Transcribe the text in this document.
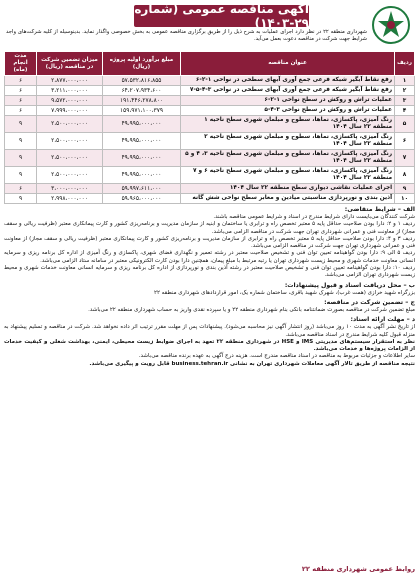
آگهی مناقصه عمومی (شماره ۲۹-۱۴۰۳)
شهرداری منطقه ۲۲ در نظر دارد اجرای عملیات به شرح ذیل را از طریق برگزاری مناقصه عمومی به بخش خصوصی واگذار نماید. بدینوسیله از کلیه شرکت‌های واجد شرایط جهت شرکت در مناقصه دعوت بعمل می‌آید.
ردیف	عنوان مناقصه	مبلغ برآورد اولیه پروژه (ریال)	میزان تضمین شرکت در مناقصه (ریال)	مدت انجام (ماه)
۱	رفع نقاط آبگیر شبکه فرعی جمع آوری آبهای سطحی در نواحی ۱-۲-۶	۵۷،۵۳۲،۸۱۶،۸۵۵	۲،۸۷۷،۰۰۰،۰۰۰	۶
۲	رفع نقاط آبگیر شبکه فرعی جمع آوری آبهای سطحی در نواحی ۳-۴-۵-۷	۶۴،۲۰۷،۹۳۴،۶۰۰	۳،۲۱۱،۰۰۰،۰۰۰	۶
۳	عملیات تراش و روکش در سطح نواحی ۱-۲-۶	۱۹۱،۴۴۶،۲۷۸،۸۰۰	۹،۵۷۲،۰۰۰،۰۰۰	۶
۴	عملیات تراش و روکش در سطح نواحی ۳-۴-۵	۱۵۹،۹۷۱،۱۰۰،۳۷۹	۷،۹۹۹،۰۰۰،۰۰۰	۶
۵	رنگ آمیزی، پاکسازی، نماها، سطوح و مبلمان شهری سطح ناحیه ۱ منطقه ۲۲ سال ۱۴۰۴	۴۹،۹۹۵،۰۰۰،۰۰۰	۲،۵۰۰،۰۰۰،۰۰۰	۹
۶	رنگ آمیزی، پاکسازی، نماها، سطوح و مبلمان شهری سطح ناحیه ۲ منطقه ۲۲ سال ۱۴۰۴	۴۹،۹۹۵،۰۰۰،۰۰۰	۲،۵۰۰،۰۰۰،۰۰۰	۹
۷	رنگ آمیزی، پاکسازی، نماها، سطوح و مبلمان شهری سطح ناحیه ۳، ۴ و ۵ منطقه ۲۲ سال ۱۴۰۴	۴۹،۹۹۵،۰۰۰،۰۰۰	۲،۵۰۰،۰۰۰،۰۰۰	۹
۸	رنگ آمیزی، پاکسازی، نماها، سطوح و مبلمان شهری سطح ناحیه ۶ و ۷ منطقه ۲۲ سال ۱۴۰۴	۴۹،۹۹۵،۰۰۰،۰۰۰	۲،۵۰۰،۰۰۰،۰۰۰	۹
۹	اجرای عملیات نقاشی دیواری سطح منطقه ۲۲ سال ۱۴۰۴	۵۹،۹۹۷،۶۱۱،۰۰۰	۳،۰۰۰،۰۰۰،۰۰۰	۶
۱۰	آذین بندی و نورپردازی مناسبتی میادین و معابر سطح نواحی شش گانه	۵۹،۹۶۵،۰۰۰،۰۰۰	۲،۹۹۸،۰۰۰،۰۰۰	۹
الف – شرایط متقاضی:
شرکت کنندگان می‌بایست دارای شرایط مندرج در اسناد و شرایط عمومی مناقصه باشند.
ردیف ۱ و ۲: دارا بودن صلاحیت حداقل پایه ۵ معتبر تخصص راه و ترابری یا ساختمان و ابنیه از سازمان مدیریت و برنامه‌ریزی کشور و کارت پیمانکاری معتبر (ظرفیت ریالی و سقف مجاز) از معاونت فنی و عمرانی شهرداری تهران جهت شرکت در مناقصه الزامی می‌باشد.
ردیف ۳ و ۴: دارا بودن صلاحیت حداقل پایه ۵ معتبر تخصص راه و ترابری از سازمان مدیریت و برنامه‌ریزی کشور و کارت پیمانکاری معتبر (ظرفیت ریالی و سقف مجاز) از معاونت فنی و عمرانی شهرداری تهران جهت شرکت در مناقصه الزامی می‌باشد.
ردیف ۵ الی ۹: دارا بودن گواهینامه تعیین توان فنی و تشخیص صلاحیت معتبر در رشته تعمیر و نگهداری فضای شهری، پاکسازی و رنگ آمیزی از اداره کل برنامه ریزی و سرمایه انسانی معاونت خدمات شهری و محیط زیست شهرداری تهران یا رتبه مرتبط با مبلغ پیمان، همچنین دارا بودن کارت الکترونیکی معتبر در سامانه ستاد الزامی می‌باشد.
ردیف ۱۰: دارا بودن گواهینامه تعیین توان فنی و تشخیص صلاحیت معتبر در رشته آذین بندی و نورپردازی از اداره کل برنامه ریزی و سرمایه انسانی معاونت خدمات شهری و محیط زیست شهرداری تهران الزامی می‌باشد.
ب – محل دریافت اسناد و قبول پیشنهادات:
بزرگراه شهید خرازی (همت غرب)، شهرک شهید باقری، ساختمان شماره یک، امور قراردادهای شهرداری منطقه ۲۲
ج – تضمین شرکت در مناقصه:
مبلغ تضمین شرکت در مناقصه بصورت ضمانتنامه بانکی بنام شهرداری منطقه ۲۲ و یا سپرده نقدی واریز به حساب شهرداری منطقه ۲۲ می‌باشد.
د – مهلت ارائه اسناد:
از تاریخ نشر آگهی به مدت ۱۰ روز می‌باشد (روز انتشار آگهی نیز محاسبه می‌شود). پیشنهادات پس از مهلت مقرر ترتیب اثر داده نخواهد شد. شرکت در مناقصه و تسلیم پیشنهاد به منزله قبول کلیه شرایط مندرج در اسناد مناقصه می‌باشد.
نظر به استقرار سیستم‌های مدیریتی IMS و HSE در شهرداری منطقه ۲۲ تعهد به اجرای ضوابط زیست محیطی، ایمنی، بهداشت شغلی و کیفیت خدمات از الزامات پروژه‌ها و خدمات می‌باشد.
سایر اطلاعات و جزئیات مربوط به مناقصه در اسناد مناقصه مندرج است. هزینه درج آگهی به عهده برنده مناقصه می‌باشد.
نتیجه مناقصه از طریق تالار آگهی معاملات شهرداری تهران به نشانی business.tehran.ir قابل رویت و پیگیری می‌باشد.
روابط عمومی شهرداری منطقه ۲۲
